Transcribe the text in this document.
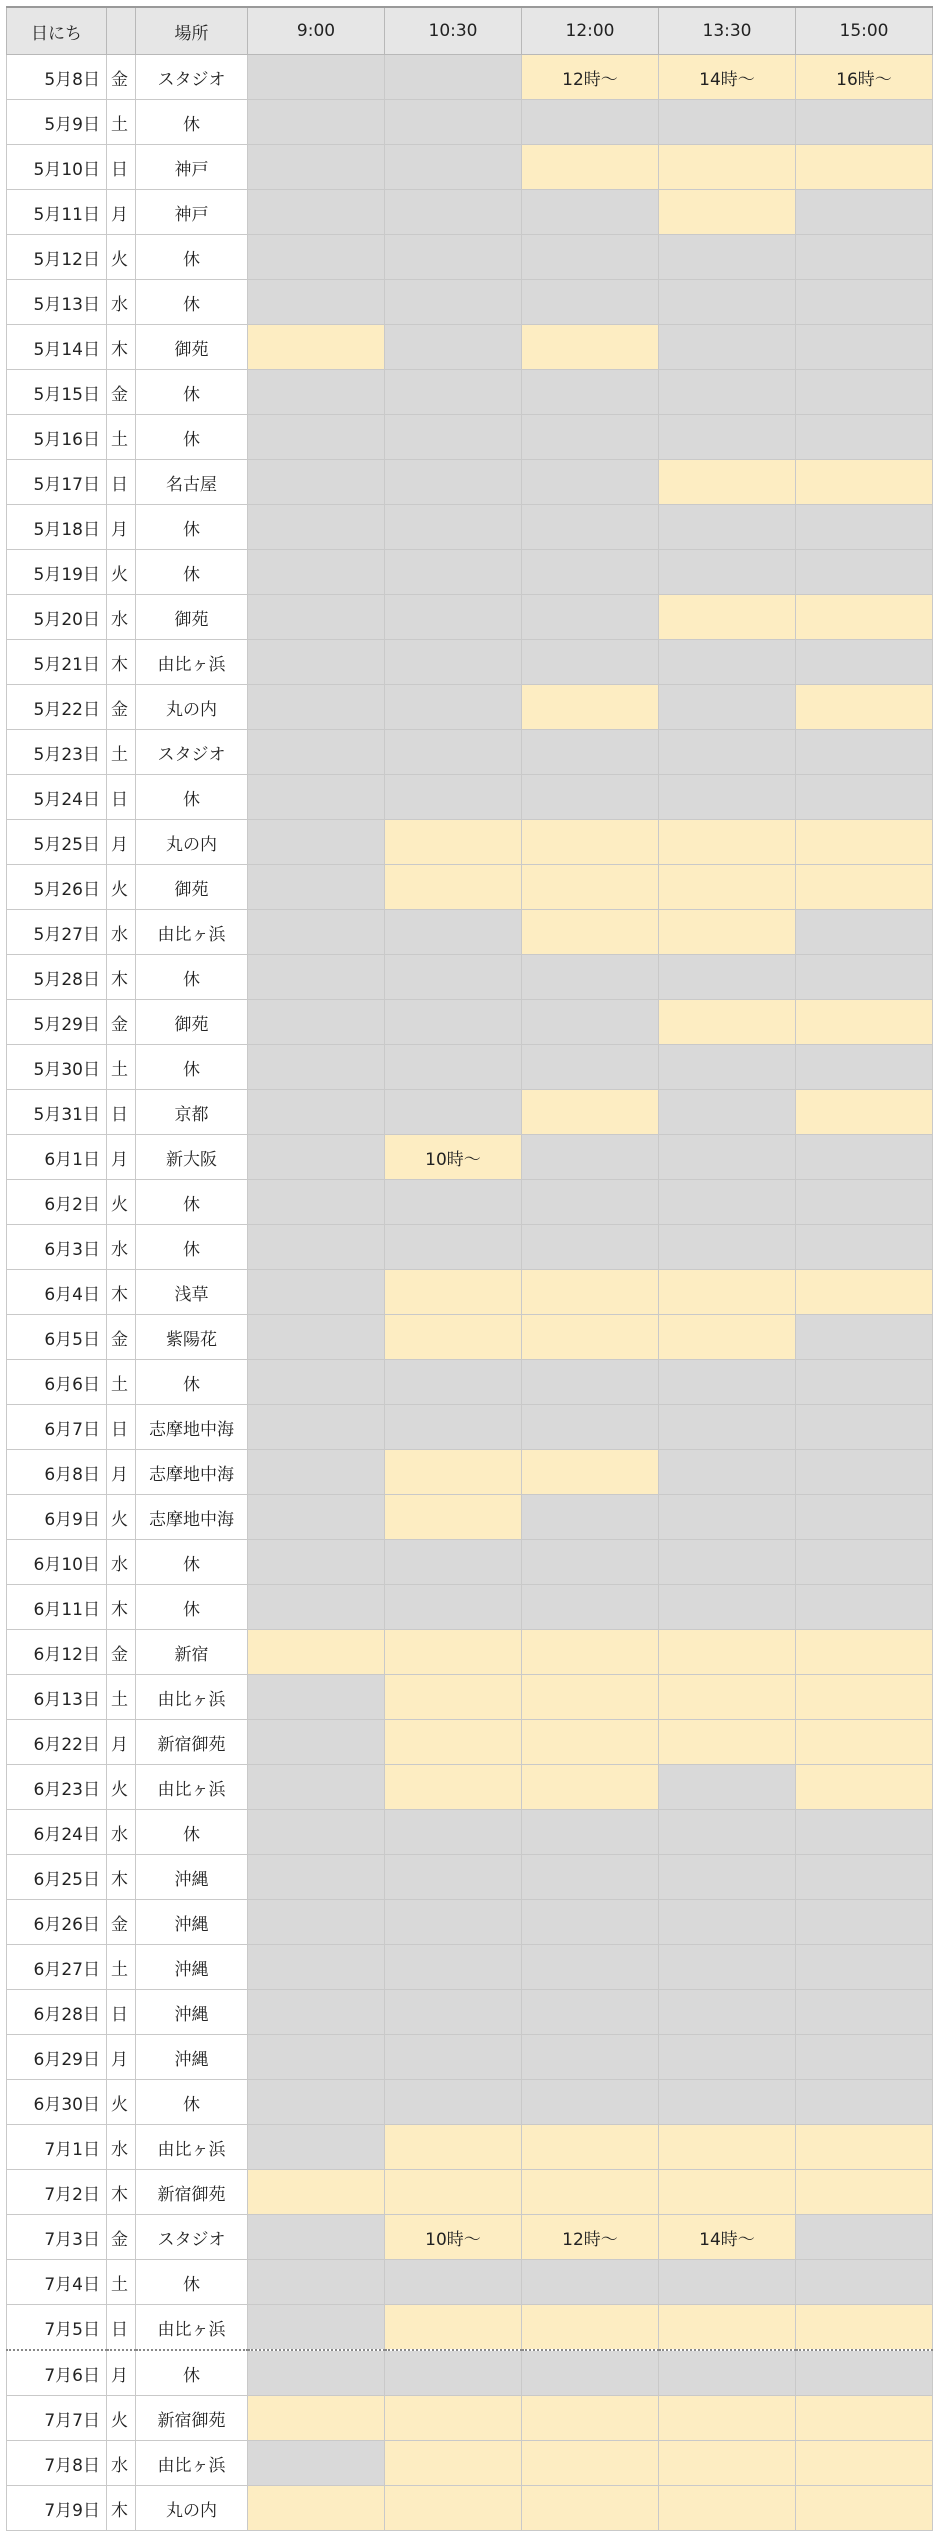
日にち		場所	9:00	10:30	12:00	13:30	15:00
5月8日	金	スタジオ			12時〜	14時〜	16時〜
5月9日	土	休					
5月10日	日	神戸					
5月11日	月	神戸					
5月12日	火	休					
5月13日	水	休					
5月14日	木	御苑					
5月15日	金	休					
5月16日	土	休					
5月17日	日	名古屋					
5月18日	月	休					
5月19日	火	休					
5月20日	水	御苑					
5月21日	木	由比ヶ浜					
5月22日	金	丸の内					
5月23日	土	スタジオ					
5月24日	日	休					
5月25日	月	丸の内					
5月26日	火	御苑					
5月27日	水	由比ヶ浜					
5月28日	木	休					
5月29日	金	御苑					
5月30日	土	休					
5月31日	日	京都					
6月1日	月	新大阪		10時〜			
6月2日	火	休					
6月3日	水	休					
6月4日	木	浅草					
6月5日	金	紫陽花					
6月6日	土	休					
6月7日	日	志摩地中海					
6月8日	月	志摩地中海					
6月9日	火	志摩地中海					
6月10日	水	休					
6月11日	木	休					
6月12日	金	新宿					
6月13日	土	由比ヶ浜					
6月22日	月	新宿御苑					
6月23日	火	由比ヶ浜					
6月24日	水	休					
6月25日	木	沖縄					
6月26日	金	沖縄					
6月27日	土	沖縄					
6月28日	日	沖縄					
6月29日	月	沖縄					
6月30日	火	休					
7月1日	水	由比ヶ浜					
7月2日	木	新宿御苑					
7月3日	金	スタジオ		10時〜	12時〜	14時〜	
7月4日	土	休					
7月5日	日	由比ヶ浜					
7月6日	月	休					
7月7日	火	新宿御苑					
7月8日	水	由比ヶ浜					
7月9日	木	丸の内					
